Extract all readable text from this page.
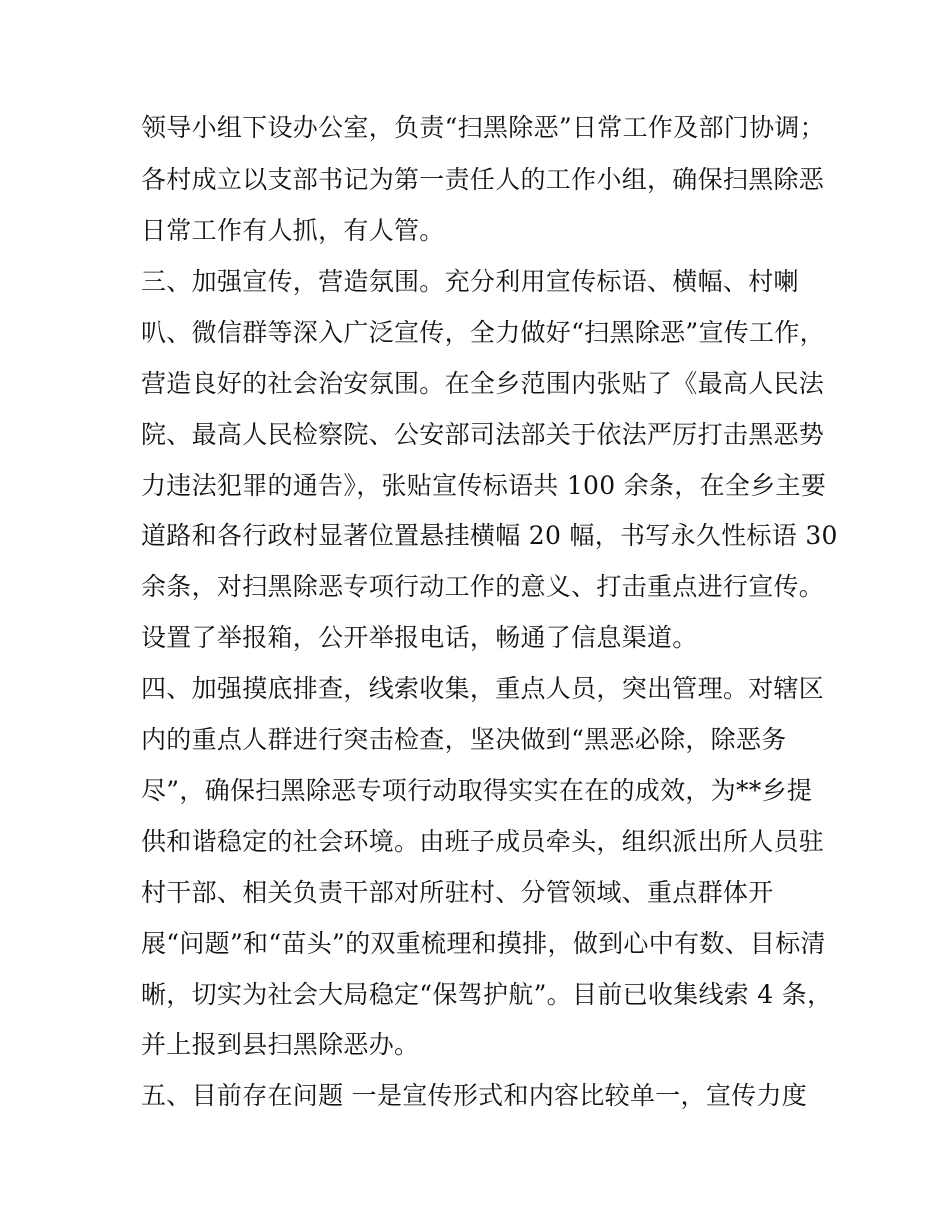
领导小组下设办公室，负责“扫黑除恶”日常工作及部门协调；
各村成立以支部书记为第一责任人的工作小组，确保扫黑除恶
日常工作有人抓，有人管。
三、加强宣传，营造氛围。充分利用宣传标语、横幅、村喇
叭、微信群等深入广泛宣传，全力做好“扫黑除恶”宣传工作，
营造良好的社会治安氛围。在全乡范围内张贴了《最高人民法
院、最高人民检察院、公安部司法部关于依法严厉打击黑恶势
力违法犯罪的通告》，张贴宣传标语共 100 余条，在全乡主要
道路和各行政村显著位置悬挂横幅 20 幅，书写永久性标语 30
余条，对扫黑除恶专项行动工作的意义、打击重点进行宣传。
设置了举报箱，公开举报电话，畅通了信息渠道。
四、加强摸底排查，线索收集，重点人员，突出管理。对辖区
内的重点人群进行突击检查，坚决做到“黑恶必除，除恶务
尽”，确保扫黑除恶专项行动取得实实在在的成效，为**乡提
供和谐稳定的社会环境。由班子成员牵头，组织派出所人员驻
村干部、相关负责干部对所驻村、分管领域、重点群体开
展“问题”和“苗头”的双重梳理和摸排，做到心中有数、目标清
晰，切实为社会大局稳定“保驾护航”。目前已收集线索 4 条，
并上报到县扫黑除恶办。
五、目前存在问题 一是宣传形式和内容比较单一，宣传力度
